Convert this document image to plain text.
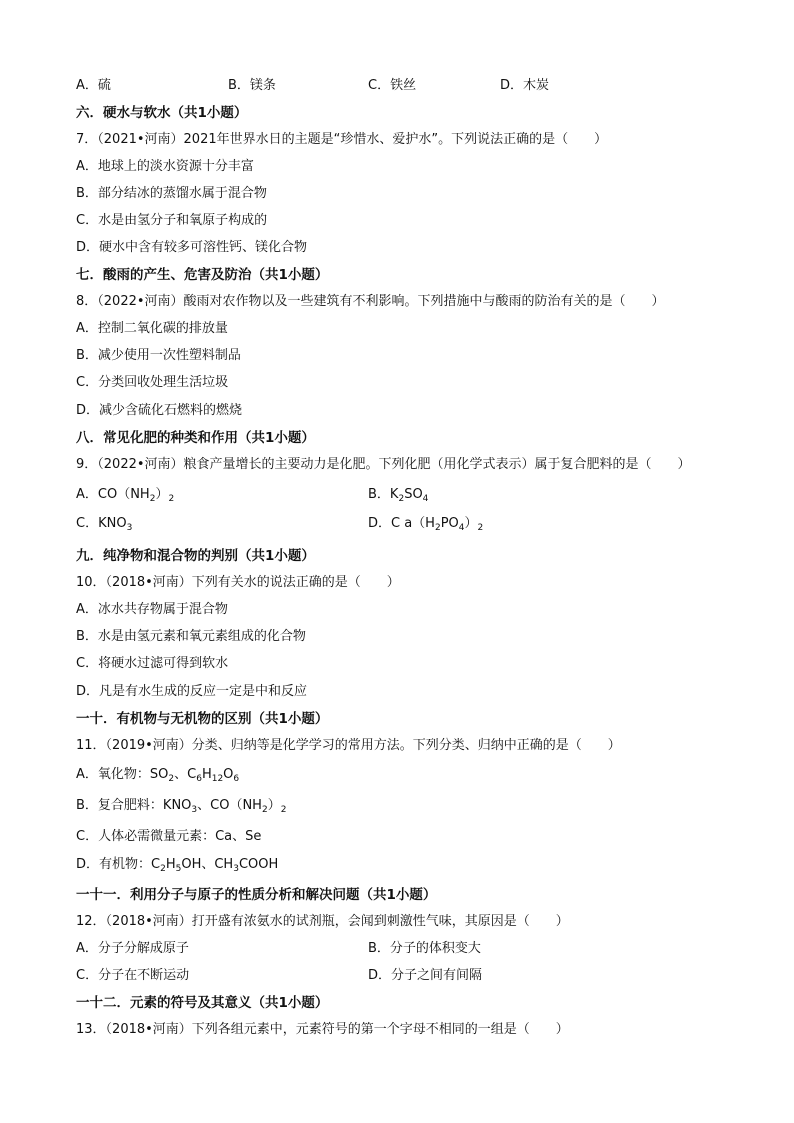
A．硫	B．镁条	C．铁丝	D．木炭
六．硬水与软水（共1小题）
7．（2021•河南）2021年世界水日的主题是“珍惜水、爱护水”。下列说法正确的是（　　）
A．地球上的淡水资源十分丰富
B．部分结冰的蒸馏水属于混合物
C．水是由氢分子和氧原子构成的
D．硬水中含有较多可溶性钙、镁化合物
七．酸雨的产生、危害及防治（共1小题）
8．（2022•河南）酸雨对农作物以及一些建筑有不利影响。下列措施中与酸雨的防治有关的是（　　）
A．控制二氧化碳的排放量
B．减少使用一次性塑料制品
C．分类回收处理生活垃圾
D．减少含硫化石燃料的燃烧
八．常见化肥的种类和作用（共1小题）
9．（2022•河南）粮食产量增长的主要动力是化肥。下列化肥（用化学式表示）属于复合肥料的是（　　）
A．$CO(NH_2)_2$	B．$K_2SO_4$
C．$KNO_3$	D．C $a(H_2PO_4)_2$
九．纯净物和混合物的判别（共1小题）
10．（2018•河南）下列有关水的说法正确的是（　　）
A．冰水共存物属于混合物
B．水是由氢元素和氧元素组成的化合物
C．将硬水过滤可得到软水
D．凡是有水生成的反应一定是中和反应
一十．有机物与无机物的区别（共1小题）
11．（2019•河南）分类、归纳等是化学学习的常用方法。下列分类、归纳中正确的是（　　）
A．氧化物：$SO_2$、$C_6H_{12}O_6$
B．复合肥料：$KNO_3$、$CO(NH_2)_2$
C．人体必需微量元素：Ca、Se
D．有机物：$C_2H_5OH$、$CH_3COOH$
一十一．利用分子与原子的性质分析和解决问题（共1小题）
12．（2018•河南）打开盛有浓氨水的试剂瓶，会闻到刺激性气味，其原因是（　　）
A．分子分解成原子	B．分子的体积变大
C．分子在不断运动	D．分子之间有间隔
一十二．元素的符号及其意义（共1小题）
13．（2018•河南）下列各组元素中，元素符号的第一个字母不相同的一组是（　　）
